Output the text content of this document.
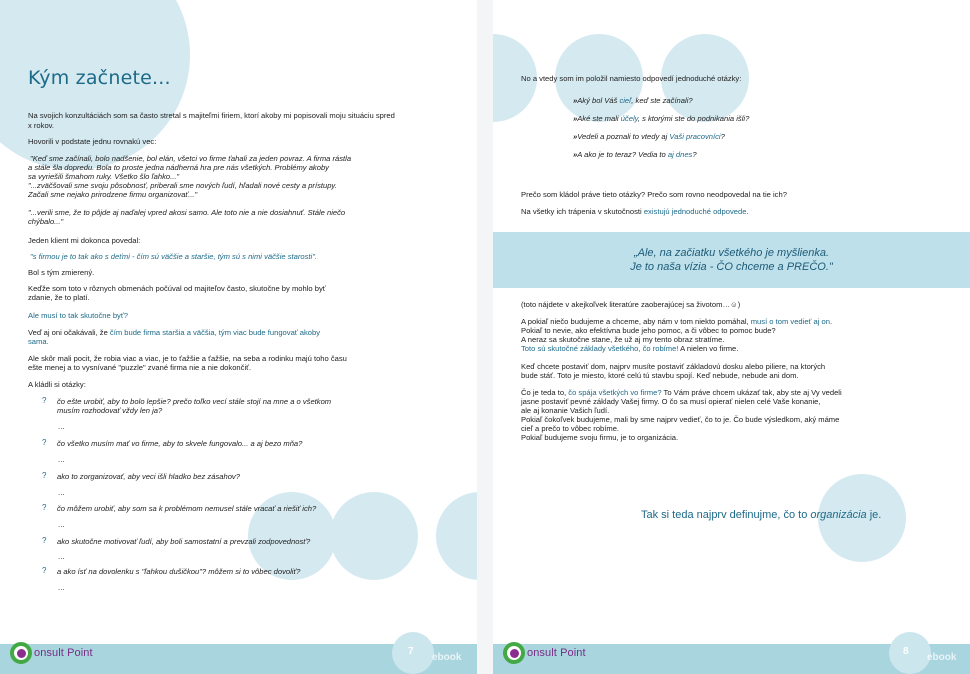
Kým začnete...
Na svojich konzultáciách som sa často stretal s majiteľmi firiem, ktorí akoby mi popisovali moju situáciu spred x rokov.
Hovorili v podstate jednu rovnakú vec:
"Keď sme začínali, bolo nadšenie, bol elán, všetci vo firme ťahali za jeden povraz. A firma rástla
a stále šla dopredu. Bola to proste jedna nádherná hra pre nás všetkých. Problémy akoby
sa vyriešili šmahom ruky. Všetko šlo ľahko..."
"...zväčšovali sme svoju pôsobnosť, priberali sme nových ľudí, hľadali nové cesty a prístupy.
Začali sme nejako prirodzene firmu organizovať..."
"...verili sme, že to pôjde aj naďalej vpred akosi samo. Ale toto nie a nie dosiahnuť. Stále niečo
chýbalo..."
Jeden klient mi dokonca povedal:
"s firmou je to tak ako s deťmi - čím sú väčšie a staršie, tým sú s nimi väčšie starosti".
Bol s tým zmierený.
Keďže som toto v rôznych obmenách počúval od majiteľov často, skutočne by mohlo byť
zdanie, že to platí.
Ale musí to tak skutočne byť?
Veď aj oni očakávali, že čím bude firma staršia a väčšia, tým viac bude fungovať akoby
sama.
Ale skôr mali pocit, že robia viac a viac, je to ťažšie a ťažšie, na seba a rodinku majú toho času
ešte menej a to vysnívané "puzzle" zvané firma nie a nie dokončiť.
A kládli si otázky:
? čo ešte urobiť, aby to bolo lepšie? prečo toľko vecí stále stojí na mne a o všetkom
musím rozhodovať vždy len ja?
...
? čo všetko musím mať vo firme, aby to skvele fungovalo... a aj bezo mňa?
...
? ako to zorganizovať, aby veci išli hladko bez zásahov?
...
? čo môžem urobiť, aby som sa k problémom nemusel stále vracať a riešiť ich?
...
? ako skutočne motivovať ľudí, aby boli samostatní a prevzali zodpovednosť?
...
? a ako ísť na dovolenku s "ľahkou dušičkou"? môžem si to vôbec dovoliť?
...
7
ebook
onsult Point
No a vtedy som im položil namiesto odpovedí jednoduché otázky:
»Aký bol Váš cieľ, keď ste začínali?
»Aké ste mali účely, s ktorými ste do podnikania išli?
»Vedeli a poznali to vtedy aj Vaši pracovníci?
»A ako je to teraz? Vedia to aj dnes?
Prečo som kládol práve tieto otázky? Prečo som rovno neodpovedal na tie ich?
Na všetky ich trápenia v skutočnosti existujú jednoduché odpovede.
„Ale, na začiatku všetkého je myšlienka.
Je to naša vízia - ČO chceme a PREČO."
(toto nájdete v akejkoľvek literatúre zaoberajúcej sa životom…☺)
A pokiaľ niečo budujeme a chceme, aby nám v tom niekto pomáhal, musí o tom vedieť aj on.
Pokiaľ to nevie, ako efektívna bude jeho pomoc, a či vôbec to pomoc bude?
A neraz sa skutočne stane, že už aj my tento obraz stratíme.
Toto sú skutočné základy všetkého, čo robíme! A nielen vo firme.
Keď chcete postaviť dom, najprv musíte postaviť základovú dosku alebo piliere, na ktorých
bude stáť. Toto je miesto, ktoré celú tú stavbu spojí. Keď nebude, nebude ani dom.
Čo je teda to, čo spája všetkých vo firme? To Vám práve chcem ukázať tak, aby ste aj Vy vedeli
jasne postaviť pevné základy Vašej firmy. O čo sa musí opierať nielen celé Vaše konanie,
ale aj konanie Vašich ľudí.
Pokiaľ čokoľvek budujeme, mali by sme najprv vedieť, čo to je. Čo bude výsledkom, aký máme
cieľ a prečo to vôbec robíme.
Pokiaľ budujeme svoju firmu, je to organizácia.
Tak si teda najprv definujme, čo to organizácia je.
8
ebook
onsult Point
